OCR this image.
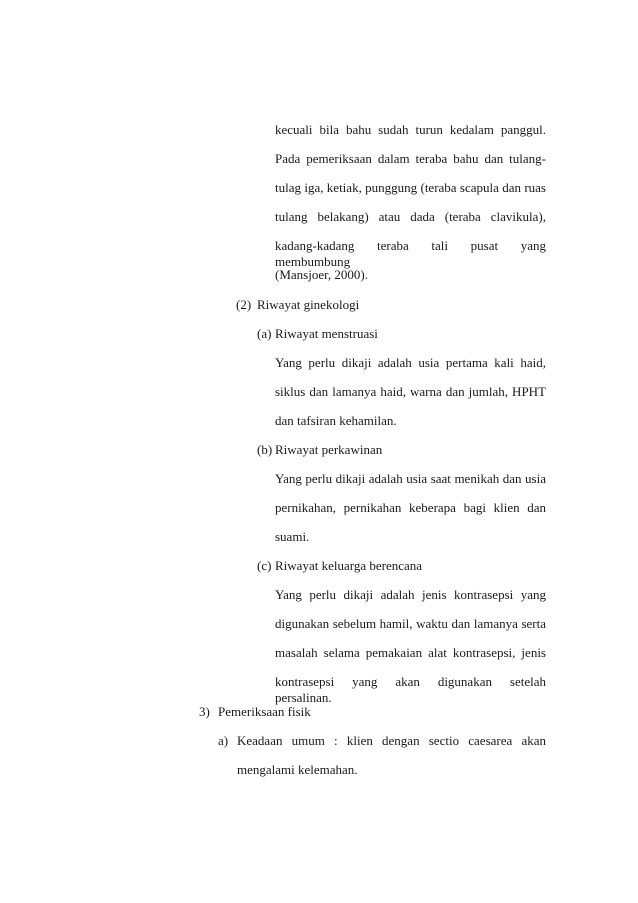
kecuali bila bahu sudah turun kedalam panggul.
Pada pemeriksaan dalam teraba bahu dan tulang-
tulag iga, ketiak, punggung (teraba scapula dan ruas
tulang belakang) atau dada (teraba clavikula),
kadang-kadang teraba tali pusat yang membumbung
(Mansjoer, 2000).
(2) Riwayat ginekologi
(a) Riwayat menstruasi
Yang perlu dikaji adalah usia pertama kali haid,
siklus dan lamanya haid, warna dan jumlah, HPHT
dan tafsiran kehamilan.
(b) Riwayat perkawinan
Yang perlu dikaji adalah usia saat menikah dan usia
pernikahan, pernikahan keberapa bagi klien dan
suami.
(c) Riwayat keluarga berencana
Yang perlu dikaji adalah jenis kontrasepsi yang
digunakan sebelum hamil, waktu dan lamanya serta
masalah selama pemakaian alat kontrasepsi, jenis
kontrasepsi yang akan digunakan setelah persalinan.
3) Pemeriksaan fisik
a) Keadaan umum : klien dengan sectio caesarea akan
mengalami kelemahan.
